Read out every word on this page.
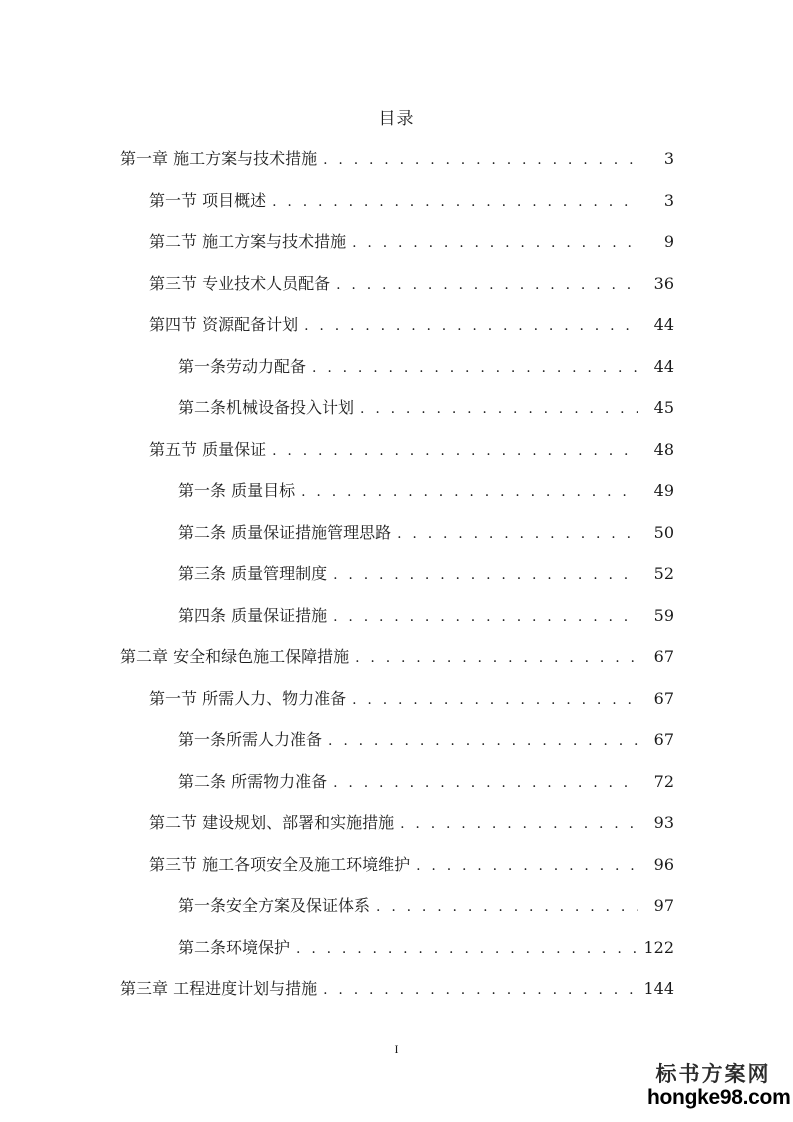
目录
第一章 施工方案与技术措施 . . .	3
第一节 项目概述 . . .	3
第二节 施工方案与技术措施 . . .	9
第三节 专业技术人员配备 . . .	36
第四节 资源配备计划 . . .	44
第一条劳动力配备 . . .	44
第二条机械设备投入计划 . . .	45
第五节 质量保证 . . .	48
第一条 质量目标 . . .	49
第二条 质量保证措施管理思路 . . .	50
第三条 质量管理制度 . . .	52
第四条 质量保证措施 . . .	59
第二章 安全和绿色施工保障措施 . . .	67
第一节 所需人力、物力准备 . . .	67
第一条所需人力准备 . . .	67
第二条 所需物力准备 . . .	72
第二节 建设规划、部署和实施措施 . . .	93
第三节 施工各项安全及施工环境维护 . . .	96
第一条安全方案及保证体系 . . .	97
第二条环境保护 . . .	122
第三章 工程进度计划与措施 . . .	144
I
标书方案网
hongke98.com
